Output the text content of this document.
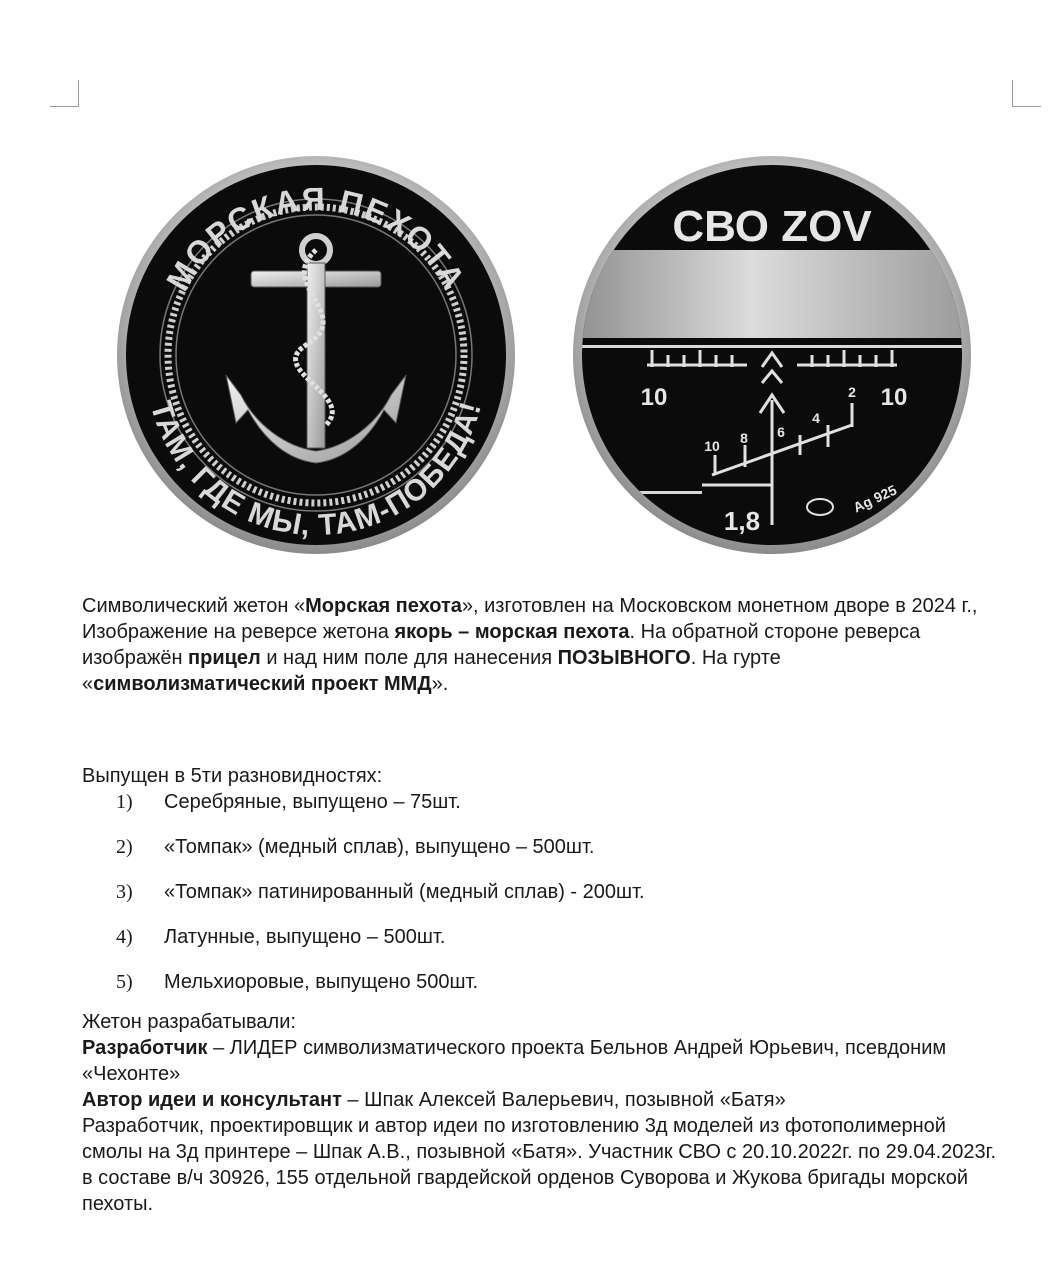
МОРСКАЯ ПЕХОТА
ТАМ, ГДЕ МЫ, ТАМ-ПОБЕДА!
СВО ZOV
10	10
10 8 6
4
2
1,8
Ag 925

Символический жетон «Морская пехота», изготовлен на Московском монетном дворе в 2024 г.,
Изображение на реверсе жетона якорь – морская пехота. На обратной стороне реверса изображён прицел и над ним поле для нанесения ПОЗЫВНОГО. На гурте «символизматический проект ММД».

Выпущен в 5ти разновидностях:

1)	Серебряные, выпущено – 75шт.
2)	«Томпак» (медный сплав), выпущено – 500шт.
3)	«Томпак» патинированный (медный сплав) - 200шт.
4)	Латунные, выпущено – 500шт.
5)	Мельхиоровые, выпущено 500шт.

Жетон разрабатывали:

Разработчик – ЛИДЕР символизматического проекта Бельнов Андрей Юрьевич, псевдоним «Чехонте»

Автор идеи и консультант – Шпак Алексей Валерьевич, позывной «Батя»

Разработчик, проектировщик и автор идеи по изготовлению 3д моделей из фотополимерной смолы на 3д принтере – Шпак А.В., позывной «Батя». Участник СВО с 20.10.2022г. по 29.04.2023г. в составе в/ч 30926, 155 отдельной гвардейской орденов Суворова и Жукова бригады морской пехоты.
